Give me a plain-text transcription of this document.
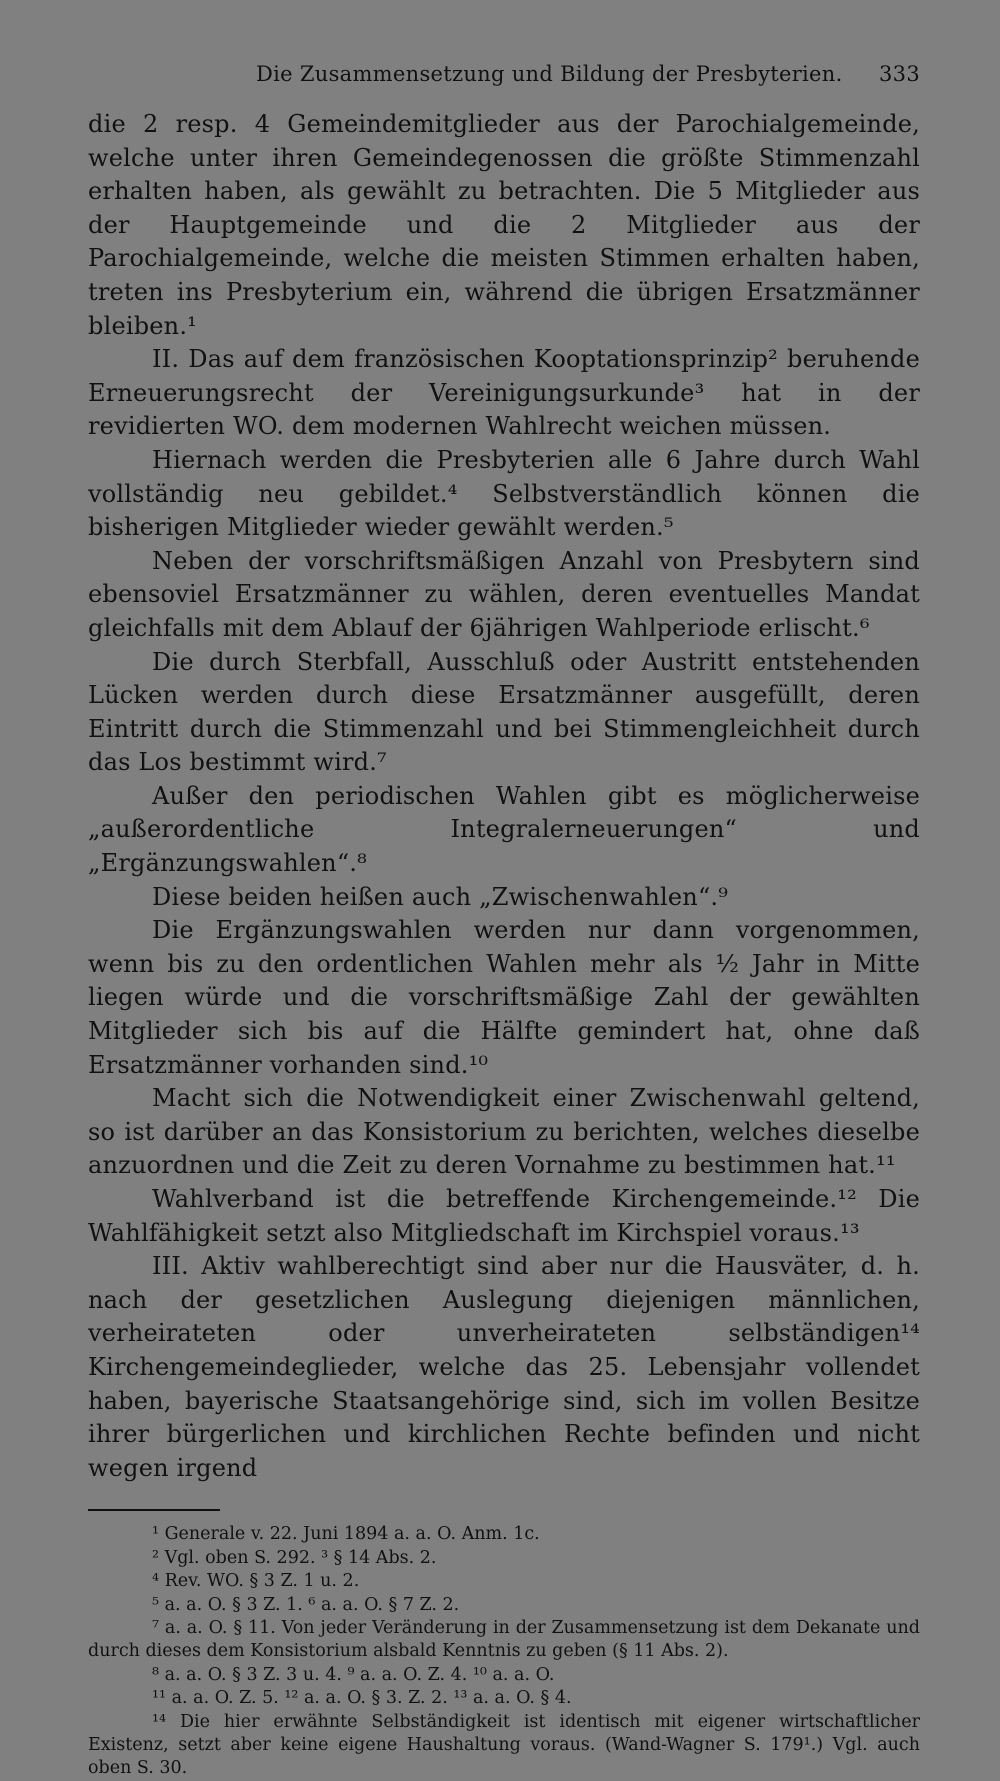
Die Zusammensetzung und Bildung der Presbyterien. 333

die 2 resp. 4 Gemeindemitglieder aus der Parochialgemeinde, welche unter ihren Gemeindegenossen die größte Stimmenzahl erhalten haben, als gewählt zu betrachten. Die 5 Mitglieder aus der Hauptgemeinde und die 2 Mitglieder aus der Parochialgemeinde, welche die meisten Stimmen erhalten haben, treten ins Presbyterium ein, während die übrigen Ersatzmänner bleiben.¹

II. Das auf dem französischen Kooptationsprinzip² beruhende Erneuerungsrecht der Vereinigungsurkunde³ hat in der revidierten WO. dem modernen Wahlrecht weichen müssen.

Hiernach werden die Presbyterien alle 6 Jahre durch Wahl vollständig neu gebildet.⁴ Selbstverständlich können die bisherigen Mitglieder wieder gewählt werden.⁵

Neben der vorschriftsmäßigen Anzahl von Presbytern sind ebensoviel Ersatzmänner zu wählen, deren eventuelles Mandat gleichfalls mit dem Ablauf der 6jährigen Wahlperiode erlischt.⁶

Die durch Sterbfall, Ausschluß oder Austritt entstehenden Lücken werden durch diese Ersatzmänner ausgefüllt, deren Eintritt durch die Stimmenzahl und bei Stimmengleichheit durch das Los bestimmt wird.⁷

Außer den periodischen Wahlen gibt es möglicherweise „außerordentliche Integralerneuerungen“ und „Ergänzungswahlen“.⁸

Diese beiden heißen auch „Zwischenwahlen“.⁹

Die Ergänzungswahlen werden nur dann vorgenommen, wenn bis zu den ordentlichen Wahlen mehr als ½ Jahr in Mitte liegen würde und die vorschriftsmäßige Zahl der gewählten Mitglieder sich bis auf die Hälfte gemindert hat, ohne daß Ersatzmänner vorhanden sind.¹⁰

Macht sich die Notwendigkeit einer Zwischenwahl geltend, so ist darüber an das Konsistorium zu berichten, welches dieselbe anzuordnen und die Zeit zu deren Vornahme zu bestimmen hat.¹¹

Wahlverband ist die betreffende Kirchengemeinde.¹² Die Wahlfähigkeit setzt also Mitgliedschaft im Kirchspiel voraus.¹³

III. Aktiv wahlberechtigt sind aber nur die Hausväter, d. h. nach der gesetzlichen Auslegung diejenigen männlichen, verheirateten oder unverheirateten selbständigen¹⁴ Kirchengemeindeglieder, welche das 25. Lebensjahr vollendet haben, bayerische Staatsangehörige sind, sich im vollen Besitze ihrer bürgerlichen und kirchlichen Rechte befinden und nicht wegen irgend

¹ Generale v. 22. Juni 1894 a. a. O. Anm. 1c.

² Vgl. oben S. 292. ³ § 14 Abs. 2.

⁴ Rev. WO. § 3 Z. 1 u. 2.

⁵ a. a. O. § 3 Z. 1. ⁶ a. a. O. § 7 Z. 2.

⁷ a. a. O. § 11. Von jeder Veränderung in der Zusammensetzung ist dem Dekanate und durch dieses dem Konsistorium alsbald Kenntnis zu geben (§ 11 Abs. 2).

⁸ a. a. O. § 3 Z. 3 u. 4. ⁹ a. a. O. Z. 4. ¹⁰ a. a. O.

¹¹ a. a. O. Z. 5. ¹² a. a. O. § 3. Z. 2. ¹³ a. a. O. § 4.

¹⁴ Die hier erwähnte Selbständigkeit ist identisch mit eigener wirtschaftlicher Existenz, setzt aber keine eigene Haushaltung voraus. (Wand-Wagner S. 179¹.) Vgl. auch oben S. 30.
